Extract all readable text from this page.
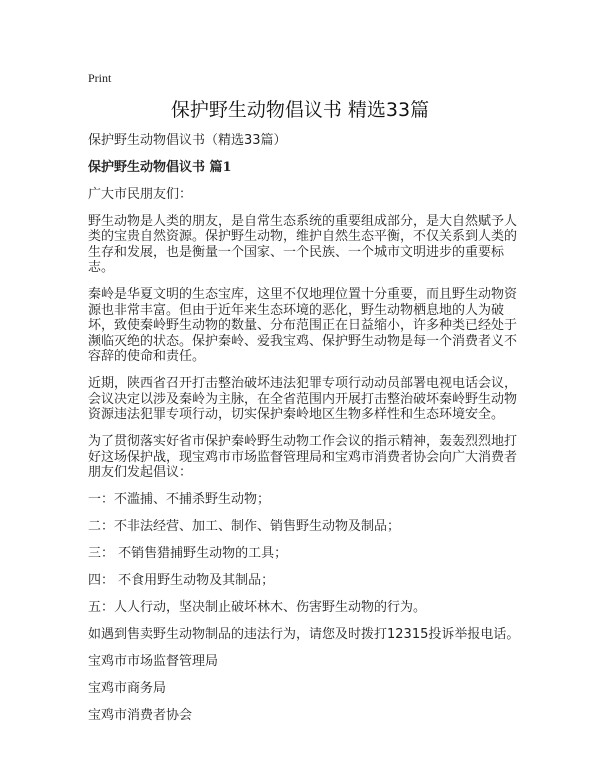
Print
保护野生动物倡议书 精选33篇
保护野生动物倡议书（精选33篇）
保护野生动物倡议书 篇1
广大市民朋友们：
野生动物是人类的朋友，是自常生态系统的重要组成部分，是大自然赋予人类的宝贵自然资源。保护野生动物，维护自然生态平衡，不仅关系到人类的生存和发展，也是衡量一个国家、一个民族、一个城市文明进步的重要标志。
秦岭是华夏文明的生态宝库，这里不仅地理位置十分重要，而且野生动物资源也非常丰富。但由于近年来生态环境的恶化，野生动物栖息地的人为破坏，致使秦岭野生动物的数量、分布范围正在日益缩小，许多种类已经处于濒临灭绝的状态。保护秦岭、爱我宝鸡、保护野生动物是每一个消费者义不容辞的使命和责任。
近期，陕西省召开打击整治破坏违法犯罪专项行动动员部署电视电话会议，会议决定以涉及秦岭为主脉，在全省范围内开展打击整治破坏秦岭野生动物资源违法犯罪专项行动，切实保护秦岭地区生物多样性和生态环境安全。
为了贯彻落实好省市保护秦岭野生动物工作会议的指示精神，轰轰烈烈地打好这场保护战，现宝鸡市市场监督管理局和宝鸡市消费者协会向广大消费者朋友们发起倡议：
一：不滥捕、不捕杀野生动物；
二：不非法经营、加工、制作、销售野生动物及制品；
三： 不销售猎捕野生动物的工具；
四： 不食用野生动物及其制品；
五：人人行动，坚决制止破坏林木、伤害野生动物的行为。
如遇到售卖野生动物制品的违法行为，请您及时拨打12315投诉举报电话。
宝鸡市市场监督管理局
宝鸡市商务局
宝鸡市消费者协会
